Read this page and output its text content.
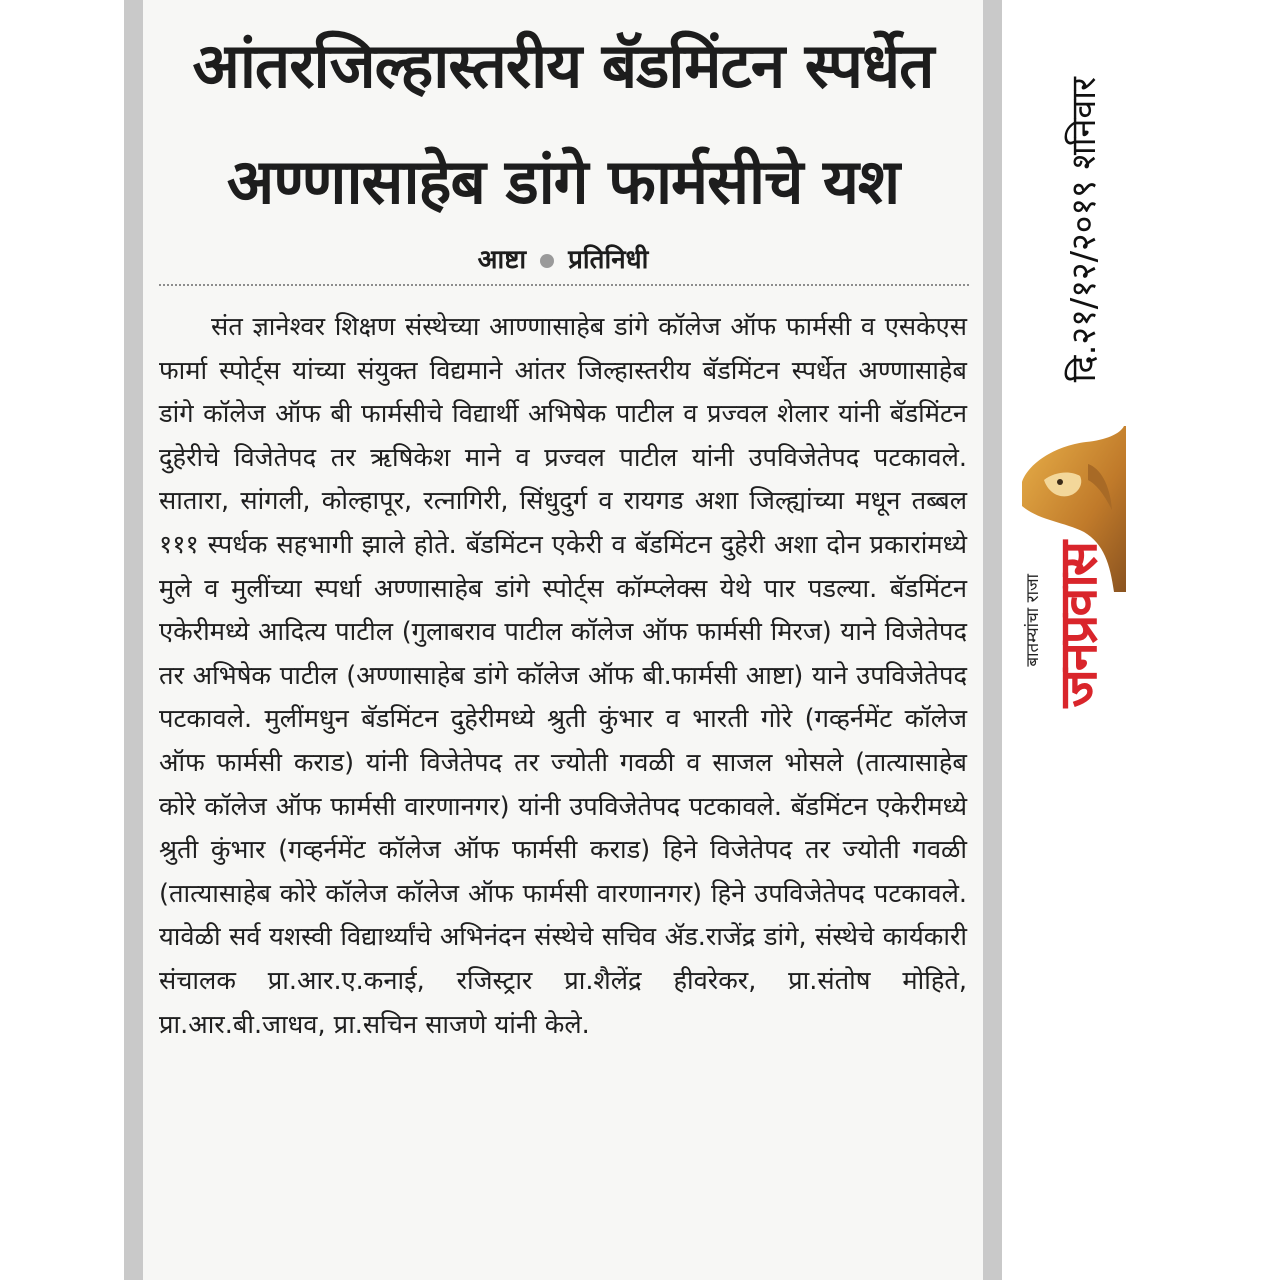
आंतरजिल्हास्तरीय बॅडमिंटन स्पर्धेत
अण्णासाहेब डांगे फार्मसीचे यश
आष्टा प्रतिनिधी

संत ज्ञानेश्वर शिक्षण संस्थेच्या आण्णासाहेब डांगे कॉलेज ऑफ फार्मसी व एसकेएस फार्मा स्पोर्ट्स यांच्या संयुक्त विद्यमाने आंतर जिल्हास्तरीय बॅडमिंटन स्पर्धेत अण्णासाहेब डांगे कॉलेज ऑफ बी फार्मसीचे विद्यार्थी अभिषेक पाटील व प्रज्वल शेलार यांनी बॅडमिंटन दुहेरीचे विजेतेपद तर ऋषिकेश माने व प्रज्वल पाटील यांनी उपविजेतेपद पटकावले. सातारा, सांगली, कोल्हापूर, रत्नागिरी, सिंधुदुर्ग व रायगड अशा जिल्ह्यांच्या मधून तब्बल १११ स्पर्धक सहभागी झाले होते. बॅडमिंटन एकेरी व बॅडमिंटन दुहेरी अशा दोन प्रकारांमध्ये मुले व मुलींच्या स्पर्धा अण्णासाहेब डांगे स्पोर्ट्स कॉम्प्लेक्स येथे पार पडल्या. बॅडमिंटन एकेरीमध्ये आदित्य पाटील (गुलाबराव पाटील कॉलेज ऑफ फार्मसी मिरज) याने विजेतेपद तर अभिषेक पाटील (अण्णासाहेब डांगे कॉलेज ऑफ बी.फार्मसी आष्टा) याने उपविजेतेपद पटकावले. मुलींमधुन बॅडमिंटन दुहेरीमध्ये श्रुती कुंभार व भारती गोरे (गव्हर्नमेंट कॉलेज ऑफ फार्मसी कराड) यांनी विजेतेपद तर ज्योती गवळी व साजल भोसले (तात्यासाहेब कोरे कॉलेज ऑफ फार्मसी वारणानगर) यांनी उपविजेतेपद पटकावले. बॅडमिंटन एकेरीमध्ये श्रुती कुंभार (गव्हर्नमेंट कॉलेज ऑफ फार्मसी कराड) हिने विजेतेपद तर ज्योती गवळी (तात्यासाहेब कोरे कॉलेज कॉलेज ऑफ फार्मसी वारणानगर) हिने उपविजेतेपद पटकावले. यावेळी सर्व यशस्वी विद्यार्थ्यांचे अभिनंदन संस्थेचे सचिव ॲड.राजेंद्र डांगे, संस्थेचे कार्यकारी संचालक प्रा.आर.ए.कनाई, रजिस्ट्रार प्रा.शैलेंद्र हीवरेकर, प्रा.संतोष मोहिते, प्रा.आर.बी.जाधव, प्रा.सचिन साजणे यांनी केले.

दि.२१/१२/२०१९ शनिवार
बातम्यांचा राजा जनप्रवास
